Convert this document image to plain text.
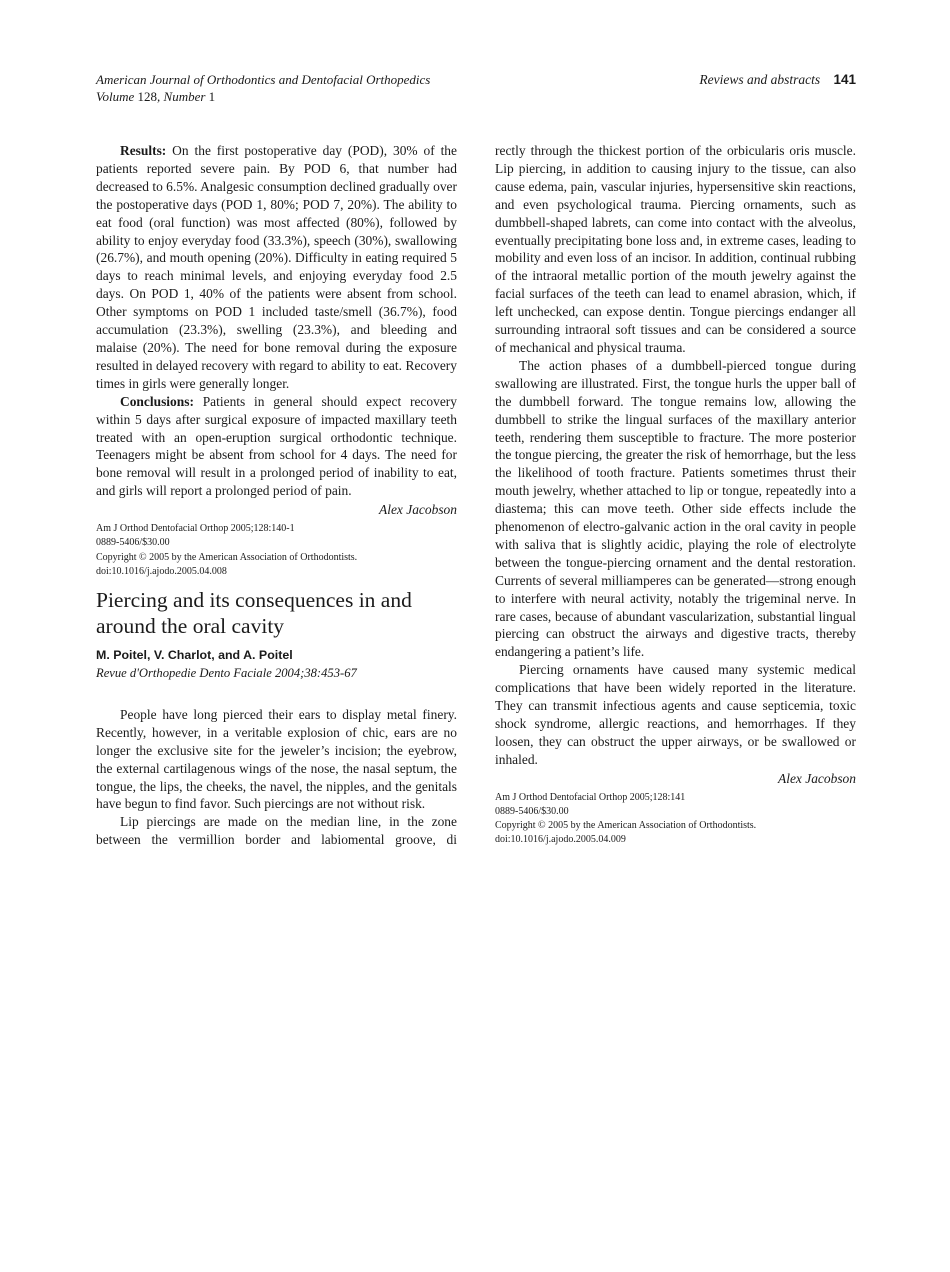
American Journal of Orthodontics and Dentofacial Orthopedics
Volume 128, Number 1
Reviews and abstracts 141

Results: On the first postoperative day (POD), 30% of the patients reported severe pain. By POD 6, that number had decreased to 6.5%. Analgesic consumption declined gradually over the postoperative days (POD 1, 80%; POD 7, 20%). The ability to eat food (oral function) was most affected (80%), followed by ability to enjoy everyday food (33.3%), speech (30%), swallowing (26.7%), and mouth opening (20%). Difficulty in eating required 5 days to reach minimal levels, and enjoying everyday food 2.5 days. On POD 1, 40% of the patients were absent from school. Other symptoms on POD 1 included taste/smell (36.7%), food accumulation (23.3%), swelling (23.3%), and bleeding and malaise (20%). The need for bone removal during the exposure resulted in delayed recovery with regard to ability to eat. Recovery times in girls were generally longer.

Conclusions: Patients in general should expect recovery within 5 days after surgical exposure of impacted maxillary teeth treated with an open-eruption surgical orthodontic technique. Teenagers might be absent from school for 4 days. The need for bone removal will result in a prolonged period of inability to eat, and girls will report a prolonged period of pain.

Alex Jacobson
Am J Orthod Dentofacial Orthop 2005;128:140-1
0889-5406/$30.00
Copyright © 2005 by the American Association of Orthodontists.
doi:10.1016/j.ajodo.2005.04.008
Piercing and its consequences in and around the oral cavity
M. Poitel, V. Charlot, and A. Poitel
Revue d'Orthopedie Dento Faciale 2004;38:453-67

People have long pierced their ears to display metal finery. Recently, however, in a veritable explosion of chic, ears are no longer the exclusive site for the jeweler’s incision; the eyebrow, the external cartilagenous wings of the nose, the nasal septum, the tongue, the lips, the cheeks, the navel, the nipples, and the genitals have begun to find favor. Such piercings are not without risk.

Lip piercings are made on the median line, in the zone between the vermillion border and labiomental groove, di

rectly through the thickest portion of the orbicularis oris muscle. Lip piercing, in addition to causing injury to the tissue, can also cause edema, pain, vascular injuries, hypersensitive skin reactions, and even psychological trauma. Piercing ornaments, such as dumbbell-shaped labrets, can come into contact with the alveolus, eventually precipitating bone loss and, in extreme cases, leading to mobility and even loss of an incisor. In addition, continual rubbing of the intraoral metallic portion of the mouth jewelry against the facial surfaces of the teeth can lead to enamel abrasion, which, if left unchecked, can expose dentin. Tongue piercings endanger all surrounding intraoral soft tissues and can be considered a source of mechanical and physical trauma.

The action phases of a dumbbell-pierced tongue during swallowing are illustrated. First, the tongue hurls the upper ball of the dumbbell forward. The tongue remains low, allowing the dumbbell to strike the lingual surfaces of the maxillary anterior teeth, rendering them susceptible to fracture. The more posterior the tongue piercing, the greater the risk of hemorrhage, but the less the likelihood of tooth fracture. Patients sometimes thrust their mouth jewelry, whether attached to lip or tongue, repeatedly into a diastema; this can move teeth. Other side effects include the phenomenon of electro-galvanic action in the oral cavity in people with saliva that is slightly acidic, playing the role of electrolyte between the tongue-piercing ornament and the dental restoration. Currents of several milliamperes can be generated—strong enough to interfere with neural activity, notably the trigeminal nerve. In rare cases, because of abundant vascularization, substantial lingual piercing can obstruct the airways and digestive tracts, thereby endangering a patient’s life.

Piercing ornaments have caused many systemic medical complications that have been widely reported in the literature. They can transmit infectious agents and cause septicemia, toxic shock syndrome, allergic reactions, and hemorrhages. If they loosen, they can obstruct the upper airways, or be swallowed or inhaled.

Alex Jacobson
Am J Orthod Dentofacial Orthop 2005;128:141
0889-5406/$30.00
Copyright © 2005 by the American Association of Orthodontists.
doi:10.1016/j.ajodo.2005.04.009
